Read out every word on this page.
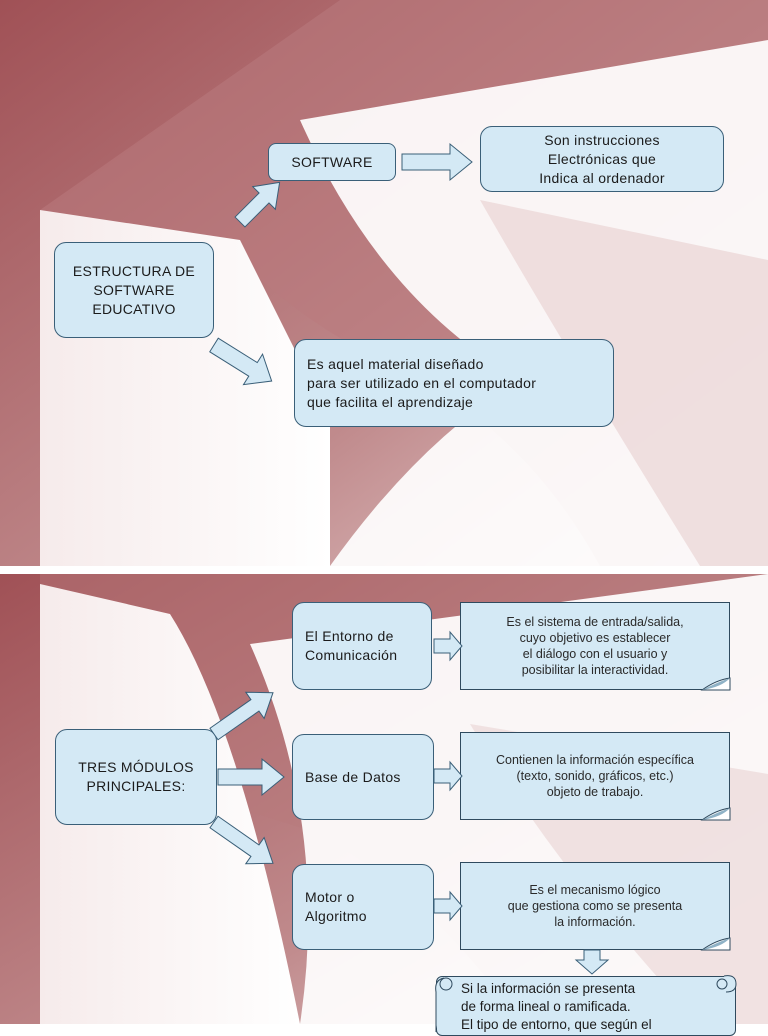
ESTRUCTURA DE
SOFTWARE
EDUCATIVO
SOFTWARE
Son instrucciones
Electrónicas que
Indica al ordenador
Es aquel material diseñado
para ser utilizado en el computador
que facilita el aprendizaje
TRES MÓDULOS
PRINCIPALES:
El Entorno de
Comunicación
Base de Datos
Motor o
Algoritmo
Es el sistema de entrada/salida,
cuyo objetivo es establecer
el diálogo con el usuario y
posibilitar la interactividad.
Contienen la información específica
(texto, sonido, gráficos, etc.)
objeto de trabajo.
Es el mecanismo lógico
que gestiona como se presenta
la información.
Si la información se presenta
de forma lineal o ramificada.
El tipo de entorno, que según el
